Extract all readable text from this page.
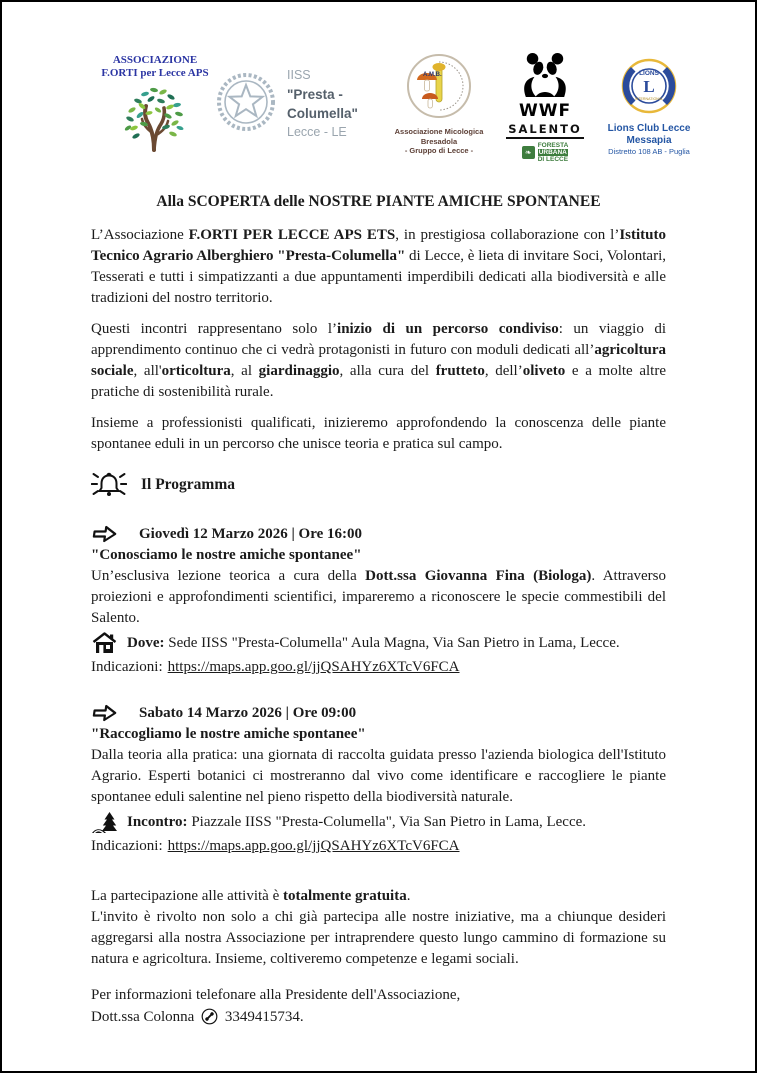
ASSOCIAZIONE
F.ORTI per Lecce APS	IISS
"Presta - Columella"
Lecce - LE
A.M.B.
Associazione Micologica
Bresadola
- Gruppo di Lecce -
WWF
SALENTO
❧
FORESTA
URBANA
DI LECCE
LIONS
L
INTERNATIONAL
Lions Club Lecce Messapia
Distretto 108 AB - Puglia
Alla SCOPERTA delle NOSTRE PIANTE AMICHE SPONTANEE

L’Associazione F.ORTI PER LECCE APS ETS, in prestigiosa collaborazione con l’Istituto Tecnico Agrario Alberghiero "Presta-Columella" di Lecce, è lieta di invitare Soci, Volontari, Tesserati e tutti i simpatizzanti a due appuntamenti imperdibili dedicati alla biodiversità e alle tradizioni del nostro territorio.

Questi incontri rappresentano solo l’inizio di un percorso condiviso: un viaggio di apprendimento continuo che ci vedrà protagonisti in futuro con moduli dedicati all’agricoltura sociale, all'orticoltura, al giardinaggio, alla cura del frutteto, dell’oliveto e a molte altre pratiche di sostenibilità rurale.

Insieme a professionisti qualificati, inizieremo approfondendo la conoscenza delle piante spontanee eduli in un percorso che unisce teoria e pratica sul campo.

Il Programma
Giovedì 12 Marzo 2026 | Ore 16:00
"Conosciamo le nostre amiche spontanee"
Un’esclusiva lezione teorica a cura della Dott.ssa Giovanna Fina (Biologa). Attraverso proiezioni e approfondimenti scientifici, impareremo a riconoscere le specie commestibili del Salento.
Dove: Sede IISS "Presta-Columella" Aula Magna, Via San Pietro in Lama, Lecce.
Indicazioni: https://maps.app.goo.gl/jjQSAHYz6XTcV6FCA
Sabato 14 Marzo 2026 | Ore 09:00
"Raccogliamo le nostre amiche spontanee"
Dalla teoria alla pratica: una giornata di raccolta guidata presso l'azienda biologica dell'Istituto Agrario. Esperti botanici ci mostreranno dal vivo come identificare e raccogliere le piante spontanee eduli salentine nel pieno rispetto della biodiversità naturale.
Incontro: Piazzale IISS "Presta-Columella", Via San Pietro in Lama, Lecce.
Indicazioni: https://maps.app.goo.gl/jjQSAHYz6XTcV6FCA
La partecipazione alle attività è totalmente gratuita.

L'invito è rivolto non solo a chi già partecipa alle nostre iniziative, ma a chiunque desideri aggregarsi alla nostra Associazione per intraprendere questo lungo cammino di formazione su natura e agricoltura. Insieme, coltiveremo competenze e legami sociali.

Per informazioni telefonare alla Presidente dell'Associazione,
Dott.ssa Colonna 3349415734.
